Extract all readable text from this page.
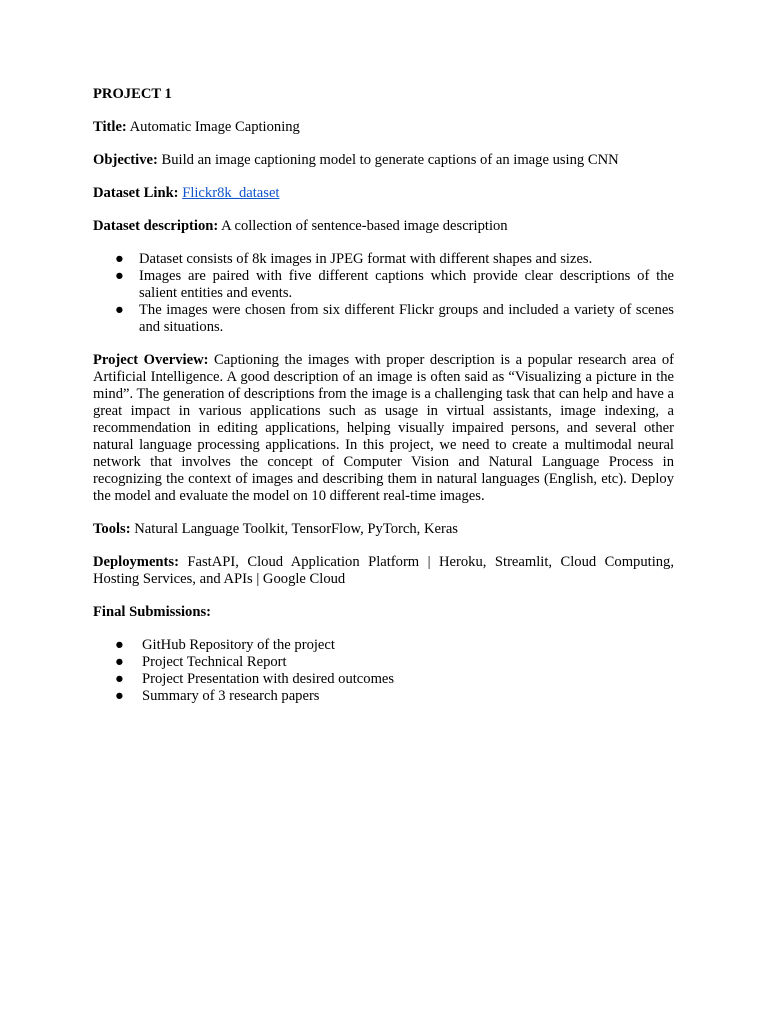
PROJECT 1

Title: Automatic Image Captioning

Objective: Build an image captioning model to generate captions of an image using CNN

Dataset Link: Flickr8k_dataset

Dataset description: A collection of sentence-based image description

● Dataset consists of 8k images in JPEG format with different shapes and sizes.
● Images are paired with five different captions which provide clear descriptions of the salient entities and events.
● The images were chosen from six different Flickr groups and included a variety of scenes and situations.

Project Overview: Captioning the images with proper description is a popular research area of Artificial Intelligence. A good description of an image is often said as “Visualizing a picture in the mind”. The generation of descriptions from the image is a challenging task that can help and have a great impact in various applications such as usage in virtual assistants, image indexing, a recommendation in editing applications, helping visually impaired persons, and several other natural language processing applications. In this project, we need to create a multimodal neural network that involves the concept of Computer Vision and Natural Language Process in recognizing the context of images and describing them in natural languages (English, etc). Deploy the model and evaluate the model on 10 different real-time images.

Tools: Natural Language Toolkit, TensorFlow, PyTorch, Keras

Deployments: FastAPI, Cloud Application Platform | Heroku, Streamlit, Cloud Computing, Hosting Services, and APIs | Google Cloud

Final Submissions:

● GitHub Repository of the project
● Project Technical Report
● Project Presentation with desired outcomes
● Summary of 3 research papers
